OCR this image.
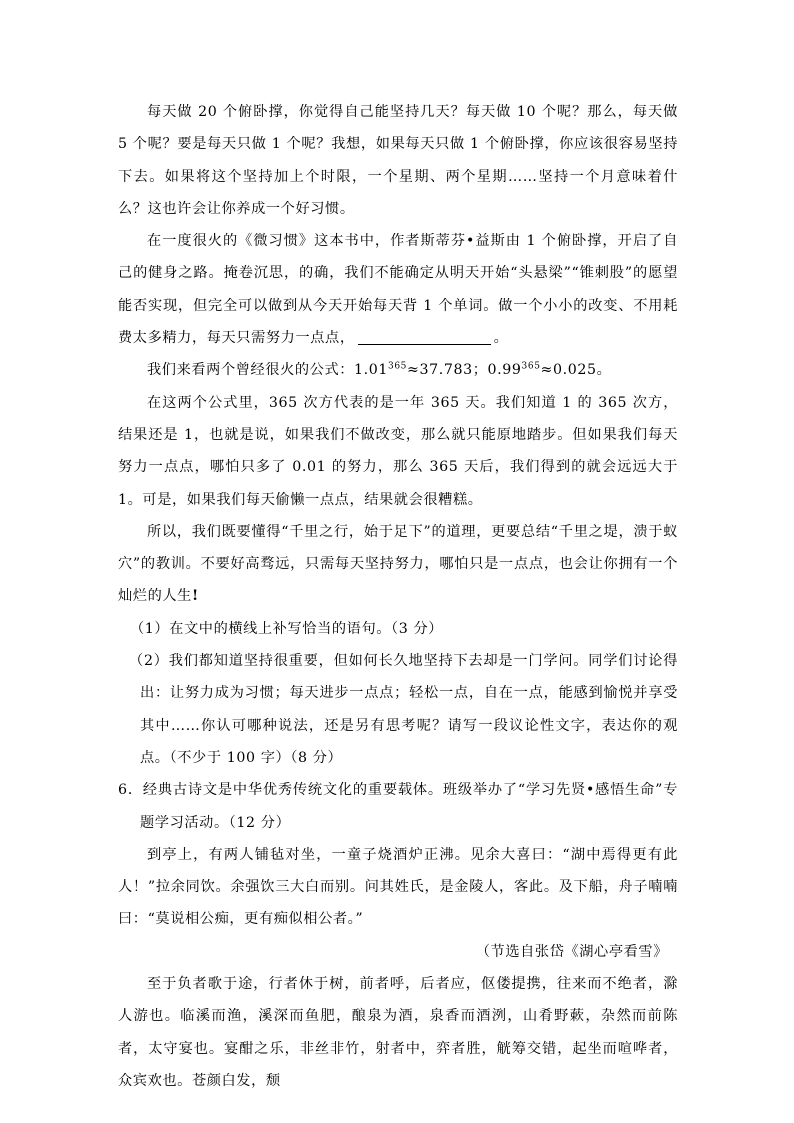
每天做 20 个俯卧撑，你觉得自己能坚持几天？每天做 10 个呢？那么，每天做 5 个呢？要是每天只做 1 个呢？我想，如果每天只做 1 个俯卧撑，你应该很容易坚持下去。如果将这个坚持加上个时限，一个星期、两个星期……坚持一个月意味着什么？这也许会让你养成一个好习惯。

在一度很火的《微习惯》这本书中，作者斯蒂芬•益斯由 1 个俯卧撑，开启了自己的健身之路。掩卷沉思，的确，我们不能确定从明天开始“头悬梁”“锥刺股”的愿望能否实现，但完全可以做到从今天开始每天背 1 个单词。做一个小小的改变、不用耗费太多精力，每天只需努力一点点，	。

我们来看两个曾经很火的公式：$1.01^{365}\approx 37.783$；$0.99^{365}\approx 0.025$。

在这两个公式里，365 次方代表的是一年 365 天。我们知道 1 的 365 次方，结果还是 1，也就是说，如果我们不做改变，那么就只能原地踏步。但如果我们每天努力一点点，哪怕只多了 0.01 的努力，那么 365 天后，我们得到的就会远远大于 1。可是，如果我们每天偷懒一点点，结果就会很糟糕。

所以，我们既要懂得“千里之行，始于足下”的道理，更要总结“千里之堤，溃于蚁穴”的教训。不要好高骛远，只需每天坚持努力，哪怕只是一点点，也会让你拥有一个灿烂的人生!

（1）在文中的横线上补写恰当的语句。（3 分）

（2）我们都知道坚持很重要，但如何长久地坚持下去却是一门学问。同学们讨论得出：让努力成为习惯；每天进步一点点；轻松一点，自在一点，能感到愉悦并享受其中……你认可哪种说法，还是另有思考呢？请写一段议论性文字，表达你的观点。（不少于 100 字）（8 分）

6．经典古诗文是中华优秀传统文化的重要载体。班级举办了“学习先贤•感悟生命”专题学习活动。（12 分）

到亭上，有两人铺毡对坐，一童子烧酒炉正沸。见余大喜曰：“湖中焉得更有此人！”拉余同饮。余强饮三大白而别。问其姓氏，是金陵人，客此。及下船，舟子喃喃曰：“莫说相公痴，更有痴似相公者。”

（节选自张岱《湖心亭看雪》

至于负者歌于途，行者休于树，前者呼，后者应，伛偻提携，往来而不绝者，滁人游也。临溪而渔，溪深而鱼肥，酿泉为酒，泉香而酒洌，山肴野蔌，杂然而前陈者，太守宴也。宴酣之乐，非丝非竹，射者中，弈者胜，觥筹交错，起坐而喧哗者，众宾欢也。苍颜白发，颓
